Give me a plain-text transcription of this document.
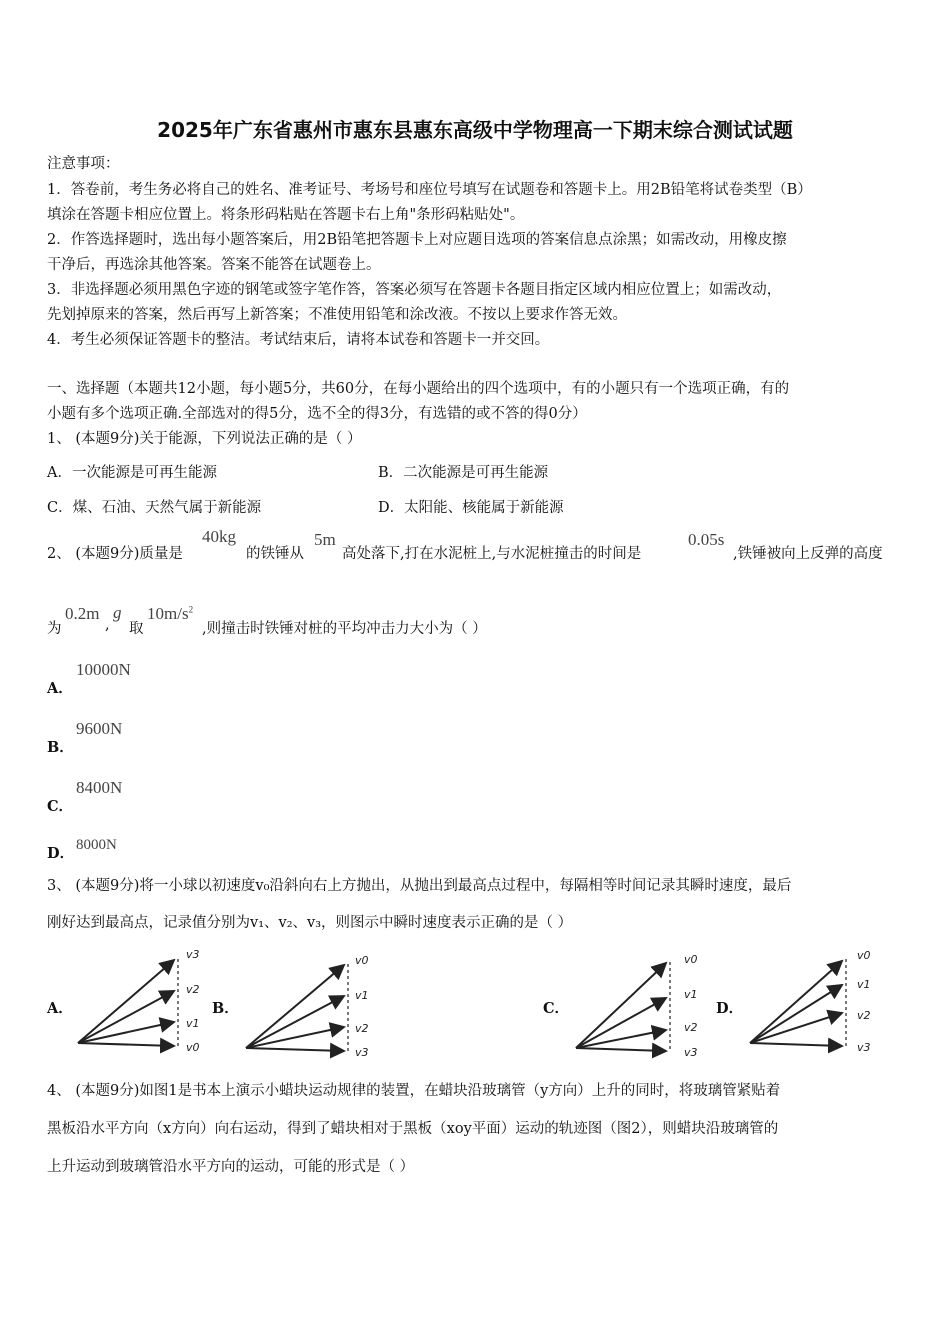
2025年广东省惠州市惠东县惠东高级中学物理高一下期末综合测试试题
注意事项：
1．答卷前，考生务必将自己的姓名、准考证号、考场号和座位号填写在试题卷和答题卡上。用2B铅笔将试卷类型（B）
填涂在答题卡相应位置上。将条形码粘贴在答题卡右上角"条形码粘贴处"。
2．作答选择题时，选出每小题答案后，用2B铅笔把答题卡上对应题目选项的答案信息点涂黑；如需改动，用橡皮擦
干净后，再选涂其他答案。答案不能答在试题卷上。
3．非选择题必须用黑色字迹的钢笔或签字笔作答，答案必须写在答题卡各题目指定区域内相应位置上；如需改动，
先划掉原来的答案，然后再写上新答案；不准使用铅笔和涂改液。不按以上要求作答无效。
4．考生必须保证答题卡的整洁。考试结束后，请将本试卷和答题卡一并交回。
一、选择题（本题共12小题，每小题5分，共60分，在每小题给出的四个选项中，有的小题只有一个选项正确，有的
小题有多个选项正确.全部选对的得5分，选不全的得3分，有选错的或不答的得0分）
1、 (本题9分)关于能源，下列说法正确的是（ ）
A．一次能源是可再生能源	B．二次能源是可再生能源
C．煤、石油、天然气属于新能源	D．太阳能、核能属于新能源
2、 (本题9分)质量是
40kg
的铁锤从
5m
高处落下,打在水泥桩上,与水泥桩撞击的时间是
0.05s
,铁锤被向上反弹的高度
为
0.2m
,
g
取
$10m/s^2$
,则撞击时铁锤对桩的平均冲击力大小为（ ）
A．
10000N
B．
9600N
C．
8400N
D． 8000N
3、 (本题9分)将一小球以初速度v₀沿斜向右上方抛出，从抛出到最高点过程中，每隔相等时间记录其瞬时速度，最后
刚好达到最高点，记录值分别为v₁、v₂、v₃，则图示中瞬时速度表示正确的是（ ）
A．
v3
v2
v1
v0
B．
v0
v1
v2
v3
C．
v0
v1
v2
v3
D．
v0
v1
v2
v3
4、 (本题9分)如图1是书本上演示小蜡块运动规律的装置，在蜡块沿玻璃管（y方向）上升的同时，将玻璃管紧贴着
黑板沿水平方向（x方向）向右运动，得到了蜡块相对于黑板（xoy平面）运动的轨迹图（图2），则蜡块沿玻璃管的
上升运动到玻璃管沿水平方向的运动，可能的形式是（ ）
